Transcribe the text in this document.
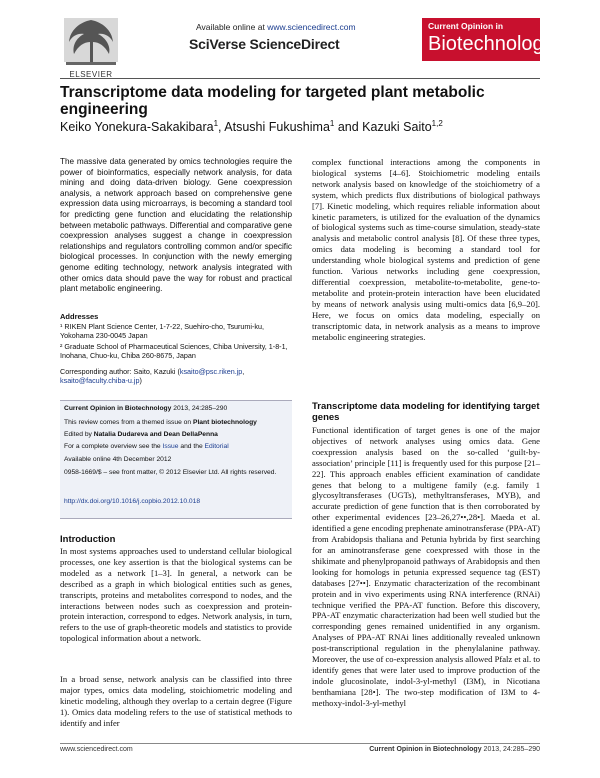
ELSEVIER
Available online at www.sciencedirect.com
SciVerse ScienceDirect
Current Opinion in
Biotechnology
Transcriptome data modeling for targeted plant metabolic engineering
Keiko Yonekura-Sakakibara$^1$, Atsushi Fukushima$^1$ and Kazuki Saito$^{1,2}$
The massive data generated by omics technologies require the power of bioinformatics, especially network analysis, for data mining and doing data-driven biology. Gene coexpression analysis, a network approach based on comprehensive gene expression data using microarrays, is becoming a standard tool for predicting gene function and elucidating the relationship between metabolic pathways. Differential and comparative gene coexpression analyses suggest a change in coexpression relationships and regulators controlling common and/or specific biological processes. In conjunction with the newly emerging genome editing technology, network analysis integrated with other omics data should pave the way for robust and practical plant metabolic engineering.
Addresses
¹ RIKEN Plant Science Center, 1-7-22, Suehiro-cho, Tsurumi-ku, Yokohama 230-0045 Japan
² Graduate School of Pharmaceutical Sciences, Chiba University, 1-8-1, Inohana, Chuo-ku, Chiba 260-8675, Japan
Corresponding author: Saito, Kazuki (ksaito@psc.riken.jp, ksaito@faculty.chiba-u.jp)
Current Opinion in Biotechnology 2013, 24:285–290
This review comes from a themed issue on Plant biotechnology
Edited by Natalia Dudareva and Dean DellaPenna
For a complete overview see the Issue and the Editorial
Available online 4th December 2012
0958-1669/$ – see front matter, © 2012 Elsevier Ltd. All rights reserved.
http://dx.doi.org/10.1016/j.copbio.2012.10.018
Introduction
In most systems approaches used to understand cellular biological processes, one key assertion is that the biological systems can be modeled as a network [1–3]. In general, a network can be described as a graph in which biological entities such as genes, transcripts, proteins and metabolites correspond to nodes, and the interactions between nodes such as coexpression and protein-protein interaction, correspond to edges. Network analysis, in turn, refers to the use of graph-theoretic models and statistics to provide topological information about a network.
In a broad sense, network analysis can be classified into three major types, omics data modeling, stoichiometric modeling and kinetic modeling, although they overlap to a certain degree (Figure 1). Omics data modeling refers to the use of statistical methods to identify and infer
complex functional interactions among the components in biological systems [4–6]. Stoichiometric modeling entails network analysis based on knowledge of the stoichiometry of a system, which predicts flux distributions of biological pathways [7]. Kinetic modeling, which requires reliable information about kinetic parameters, is utilized for the evaluation of the dynamics of biological systems such as time-course simulation, steady-state analysis and metabolic control analysis [8]. Of these three types, omics data modeling is becoming a standard tool for understanding whole biological systems and prediction of gene function. Various networks including gene coexpression, differential coexpression, metabolite-to-metabolite, gene-to-metabolite and protein-protein interaction have been elucidated by means of network analysis using multi-omics data [6,9–20]. Here, we focus on omics data modeling, especially on transcriptomic data, in network analysis as a means to improve metabolic engineering strategies.
Transcriptome data modeling for identifying target genes
Functional identification of target genes is one of the major objectives of network analyses using omics data. Gene coexpression analysis based on the so-called ‘guilt-by-association’ principle [11] is frequently used for this purpose [21–22]. This approach enables efficient examination of candidate genes that belong to a multigene family (e.g. family 1 glycosyltransferases (UGTs), methyltransferases, MYB), and accurate prediction of gene function that is then corroborated by other experimental evidences [23–26,27••,28•]. Maeda et al. identified a gene encoding prephenate aminotransferase (PPA-AT) from Arabidopsis thaliana and Petunia hybrida by first searching for an aminotransferase gene coexpressed with those in the shikimate and phenylpropanoid pathways of Arabidopsis and then looking for homologs in petunia expressed sequence tag (EST) databases [27••]. Enzymatic characterization of the recombinant protein and in vivo experiments using RNA interference (RNAi) technique verified the PPA-AT function. Before this discovery, PPA-AT enzymatic characterization had been well studied but the corresponding genes remained unidentified in any organism. Analyses of PPA-AT RNAi lines additionally revealed unknown post-transcriptional regulation in the phenylalanine pathway. Moreover, the use of co-expression analysis allowed Pfalz et al. to identify genes that were later used to improve production of the indole glucosinolate, indol-3-yl-methyl (I3M), in Nicotiana benthamiana [28•]. The two-step modification of I3M to 4-methoxy-indol-3-yl-methyl
www.sciencedirect.com	Current Opinion in Biotechnology 2013, 24:285–290
